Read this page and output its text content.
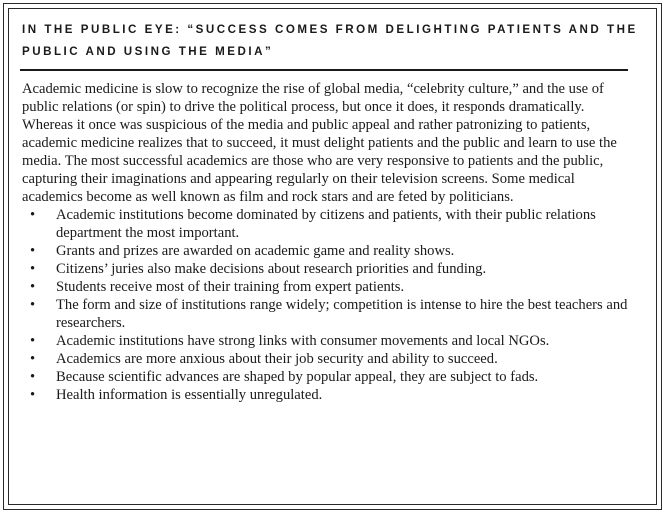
IN THE PUBLIC EYE: “SUCCESS COMES FROM DELIGHTING PATIENTS AND THE PUBLIC AND USING THE MEDIA”

Academic medicine is slow to recognize the rise of global media, “celebrity culture,” and the use of public relations (or spin) to drive the political process, but once it does, it responds dramatically. Whereas it once was suspicious of the media and public appeal and rather patronizing to patients, academic medicine realizes that to succeed, it must delight patients and the public and learn to use the media. The most successful academics are those who are very responsive to patients and the public, capturing their imaginations and appearing regularly on their television screens. Some medical academics become as well known as film and rock stars and are feted by politicians.

• Academic institutions become dominated by citizens and patients, with their public relations department the most important.
• Grants and prizes are awarded on academic game and reality shows.
• Citizens’ juries also make decisions about research priorities and funding.
• Students receive most of their training from expert patients.
• The form and size of institutions range widely; competition is intense to hire the best teachers and researchers.
• Academic institutions have strong links with consumer movements and local NGOs.
• Academics are more anxious about their job security and ability to succeed.
• Because scientific advances are shaped by popular appeal, they are subject to fads.
• Health information is essentially unregulated.
